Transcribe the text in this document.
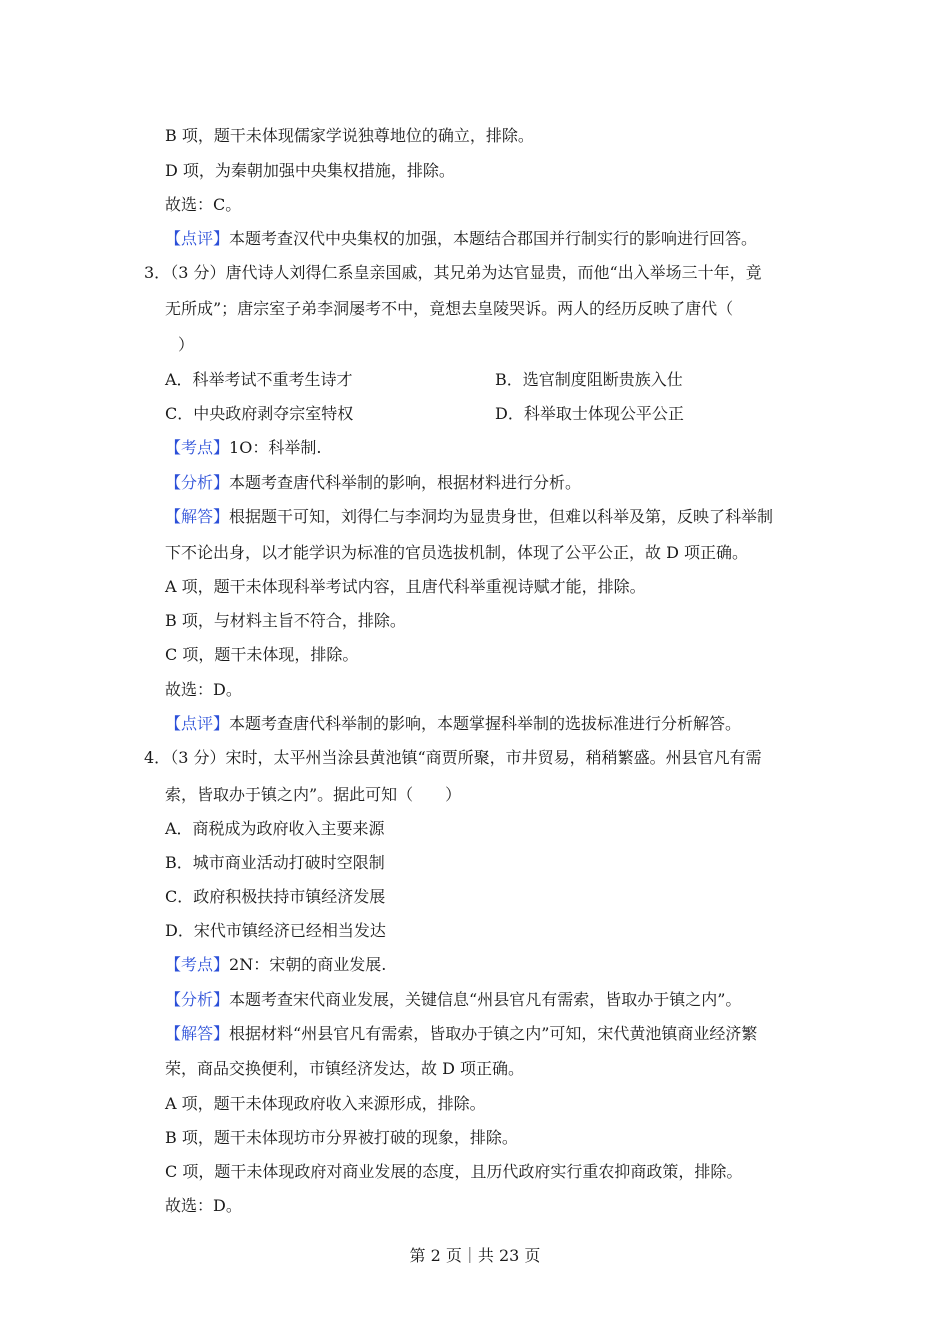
B 项，题干未体现儒家学说独尊地位的确立，排除。
D 项，为秦朝加强中央集权措施，排除。
故选：C。
【点评】本题考查汉代中央集权的加强，本题结合郡国并行制实行的影响进行回答。
3．（3 分）唐代诗人刘得仁系皇亲国戚，其兄弟为达官显贵，而他“出入举场三十年，竟
无所成”；唐宗室子弟李洞屡考不中，竟想去皇陵哭诉。两人的经历反映了唐代（
）
A．科举考试不重考生诗才	B．选官制度阻断贵族入仕
C．中央政府剥夺宗室特权	D．科举取士体现公平公正
【考点】1O：科举制.
【分析】本题考查唐代科举制的影响，根据材料进行分析。
【解答】根据题干可知，刘得仁与李洞均为显贵身世，但难以科举及第，反映了科举制
下不论出身，以才能学识为标准的官员选拔机制，体现了公平公正，故 D 项正确。
A 项，题干未体现科举考试内容，且唐代科举重视诗赋才能，排除。
B 项，与材料主旨不符合，排除。
C 项，题干未体现，排除。
故选：D。
【点评】本题考查唐代科举制的影响，本题掌握科举制的选拔标准进行分析解答。
4．（3 分）宋时，太平州当涂县黄池镇“商贾所聚，市井贸易，稍稍繁盛。州县官凡有需
索，皆取办于镇之内”。据此可知（　　）
A．商税成为政府收入主要来源
B．城市商业活动打破时空限制
C．政府积极扶持市镇经济发展
D．宋代市镇经济已经相当发达
【考点】2N：宋朝的商业发展.
【分析】本题考查宋代商业发展，关键信息“州县官凡有需索，皆取办于镇之内”。
【解答】根据材料“州县官凡有需索，皆取办于镇之内”可知，宋代黄池镇商业经济繁
荣，商品交换便利，市镇经济发达，故 D 项正确。
A 项，题干未体现政府收入来源形成，排除。
B 项，题干未体现坊市分界被打破的现象，排除。
C 项，题干未体现政府对商业发展的态度，且历代政府实行重农抑商政策，排除。
故选：D。
第 2 页｜共 23 页
